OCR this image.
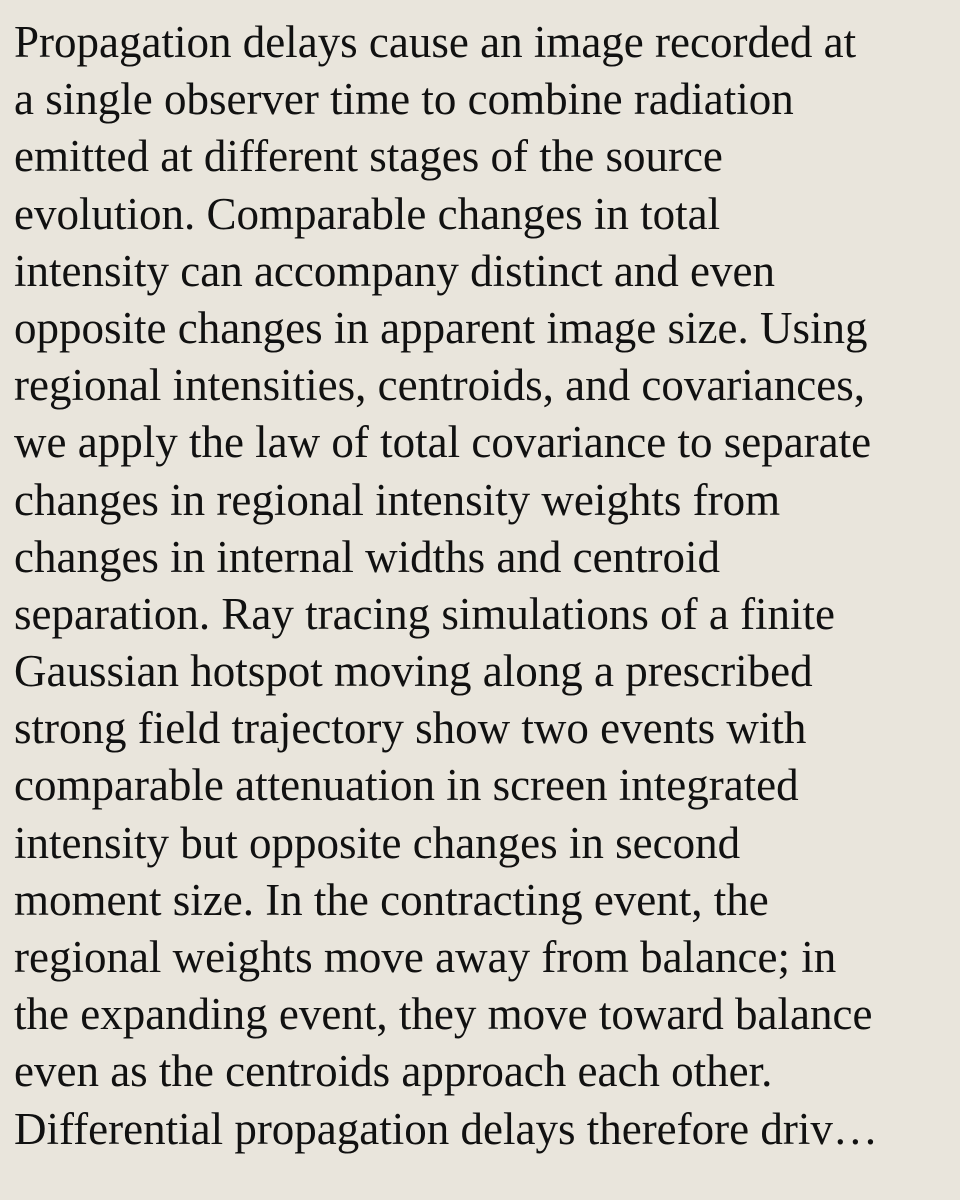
Propagation delays cause an image recorded at
a single observer time to combine radiation
emitted at different stages of the source
evolution. Comparable changes in total
intensity can accompany distinct and even
opposite changes in apparent image size. Using
regional intensities, centroids, and covariances,
we apply the law of total covariance to separate
changes in regional intensity weights from
changes in internal widths and centroid
separation. Ray tracing simulations of a finite
Gaussian hotspot moving along a prescribed
strong field trajectory show two events with
comparable attenuation in screen integrated
intensity but opposite changes in second
moment size. In the contracting event, the
regional weights move away from balance; in
the expanding event, they move toward balance
even as the centroids approach each other.
Differential propagation delays therefore driv…
